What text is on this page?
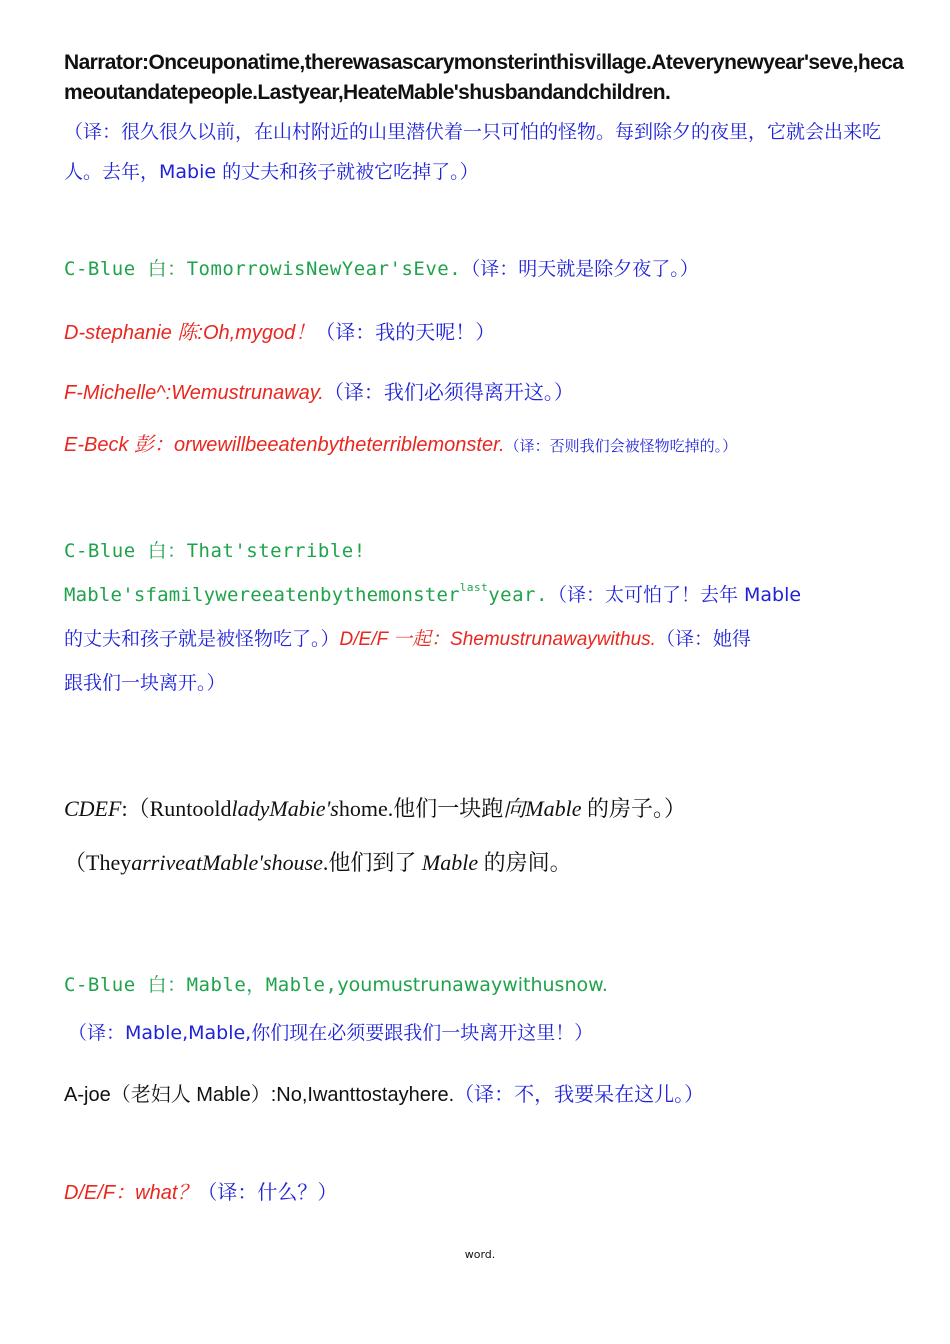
Narrator:Onceuponatime,therewasascarymonsterinthisvillage.Ateverynewyear'seve,hecameoutandatepeople.Lastyear,HeateMable'shusbandandchildren.
（译：很久很久以前，在山村附近的山里潜伏着一只可怕的怪物。每到除夕的夜里，它就会出来吃人。去年，Mabie 的丈夫和孩子就被它吃掉了。）
C-Blue 白：TomorrowisNewYear'sEve.（译：明天就是除夕夜了。）
D-stephanie 陈:Oh,mygod！（译：我的天呢！）
F-Michelle^:Wemustrunaway.（译：我们必须得离开这。）
E-Beck 彭：orwewillbeeatenbytheterriblemonster.（译：否则我们会被怪物吃掉的。）
C-Blue 白：That'sterrible!
Mable'sfamilywereeatenbythemonster$^{last}$year.（译：太可怕了！去年 Mable
的丈夫和孩子就是被怪物吃了。）D/E/F 一起：Shemustrunawaywithus.（译：她得
跟我们一块离开。）
CDEF:（RuntooldladyMabie'shome.他们一块跑向Mable 的房子。）
（TheyarriveatMable'shouse.他们到了 Mable 的房间。
C-Blue 白：Mable，Mable,youmustrunawaywithusnow.
（译：Mable,Mable,你们现在必须要跟我们一块离开这里！）
A-joe（老妇人 Mable）:No,Iwanttostayhere.（译：不，我要呆在这儿。）
D/E/F：what？（译：什么？）
word.
